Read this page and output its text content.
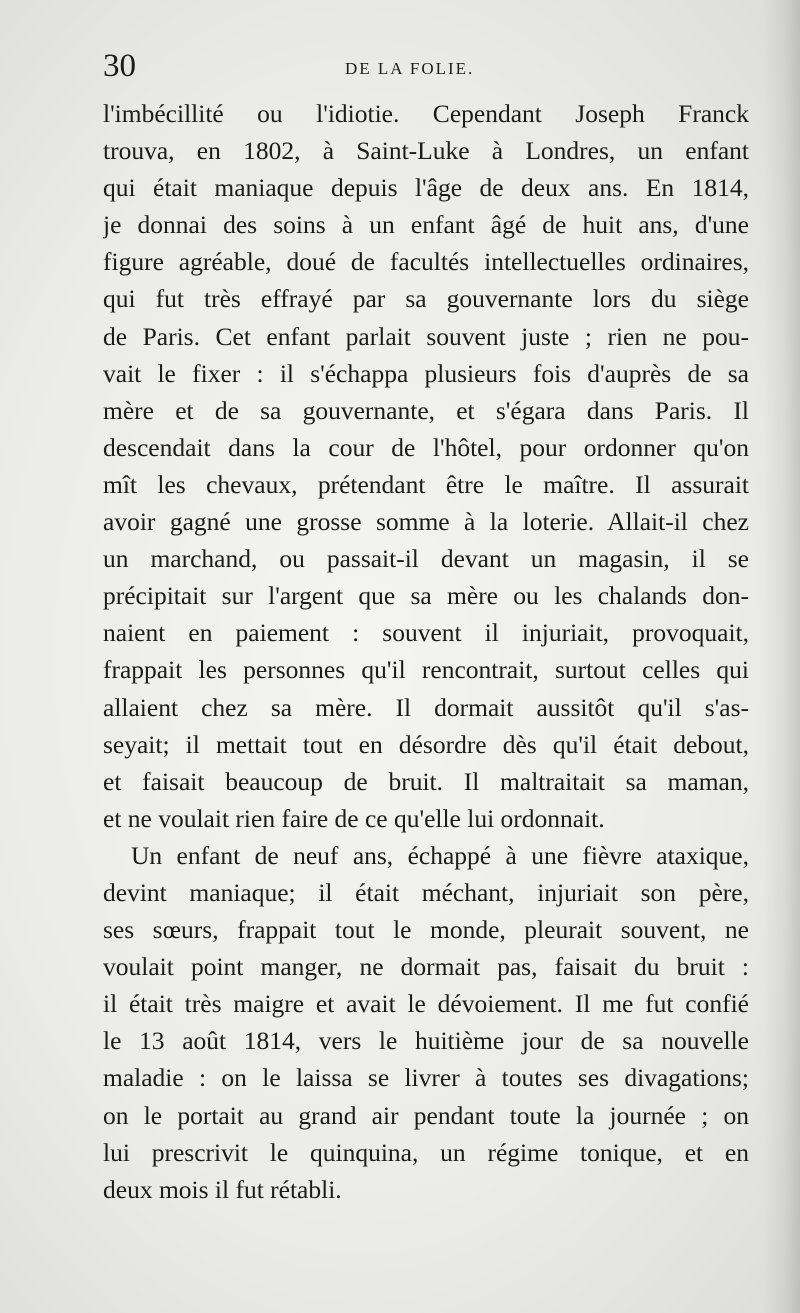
30	DE LA FOLIE.
l'imbécillité ou l'idiotie. Cependant Joseph Franck
trouva, en 1802, à Saint-Luke à Londres, un enfant
qui était maniaque depuis l'âge de deux ans. En 1814,
je donnai des soins à un enfant âgé de huit ans, d'une
figure agréable, doué de facultés intellectuelles ordinaires,
qui fut très effrayé par sa gouvernante lors du siège
de Paris. Cet enfant parlait souvent juste ; rien ne pou-
vait le fixer : il s'échappa plusieurs fois d'auprès de sa
mère et de sa gouvernante, et s'égara dans Paris. Il
descendait dans la cour de l'hôtel, pour ordonner qu'on
mît les chevaux, prétendant être le maître. Il assurait
avoir gagné une grosse somme à la loterie. Allait-il chez
un marchand, ou passait-il devant un magasin, il se
précipitait sur l'argent que sa mère ou les chalands don-
naient en paiement : souvent il injuriait, provoquait,
frappait les personnes qu'il rencontrait, surtout celles qui
allaient chez sa mère. Il dormait aussitôt qu'il s'as-
seyait; il mettait tout en désordre dès qu'il était debout,
et faisait beaucoup de bruit. Il maltraitait sa maman,
et ne voulait rien faire de ce qu'elle lui ordonnait.
Un enfant de neuf ans, échappé à une fièvre ataxique,
devint maniaque; il était méchant, injuriait son père,
ses sœurs, frappait tout le monde, pleurait souvent, ne
voulait point manger, ne dormait pas, faisait du bruit :
il était très maigre et avait le dévoiement. Il me fut confié
le 13 août 1814, vers le huitième jour de sa nouvelle
maladie : on le laissa se livrer à toutes ses divagations;
on le portait au grand air pendant toute la journée ; on
lui prescrivit le quinquina, un régime tonique, et en
deux mois il fut rétabli.
